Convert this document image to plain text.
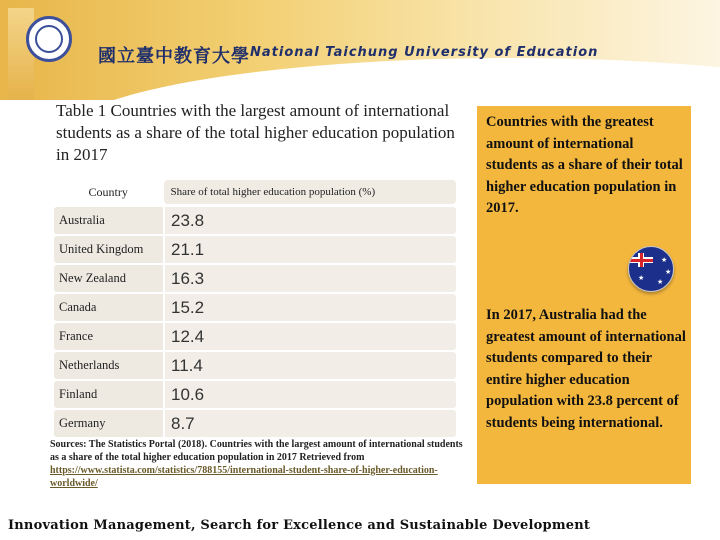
國立臺中教育大學 National Taichung University of Education
Table 1 Countries with the largest amount of international students as a share of the total higher education population in 2017
Country	Share of total higher education population (%)
Australia	23.8
United Kingdom	21.1
New Zealand	16.3
Canada	15.2
France	12.4
Netherlands	11.4
Finland	10.6
Germany	8.7
Sources: The Statistics Portal (2018). Countries with the largest amount of international students as a share of the total higher education population in 2017 Retrieved from https://www.statista.com/statistics/788155/international-student-share-of-higher-education-worldwide/
Countries with the greatest amount of international students as a share of their total higher education population in 2017.
In 2017, Australia had the greatest amount of international students compared to their entire higher education population with 23.8 percent of students being international.
★
★
★
★
Innovation Management, Search for Excellence and Sustainable Development
